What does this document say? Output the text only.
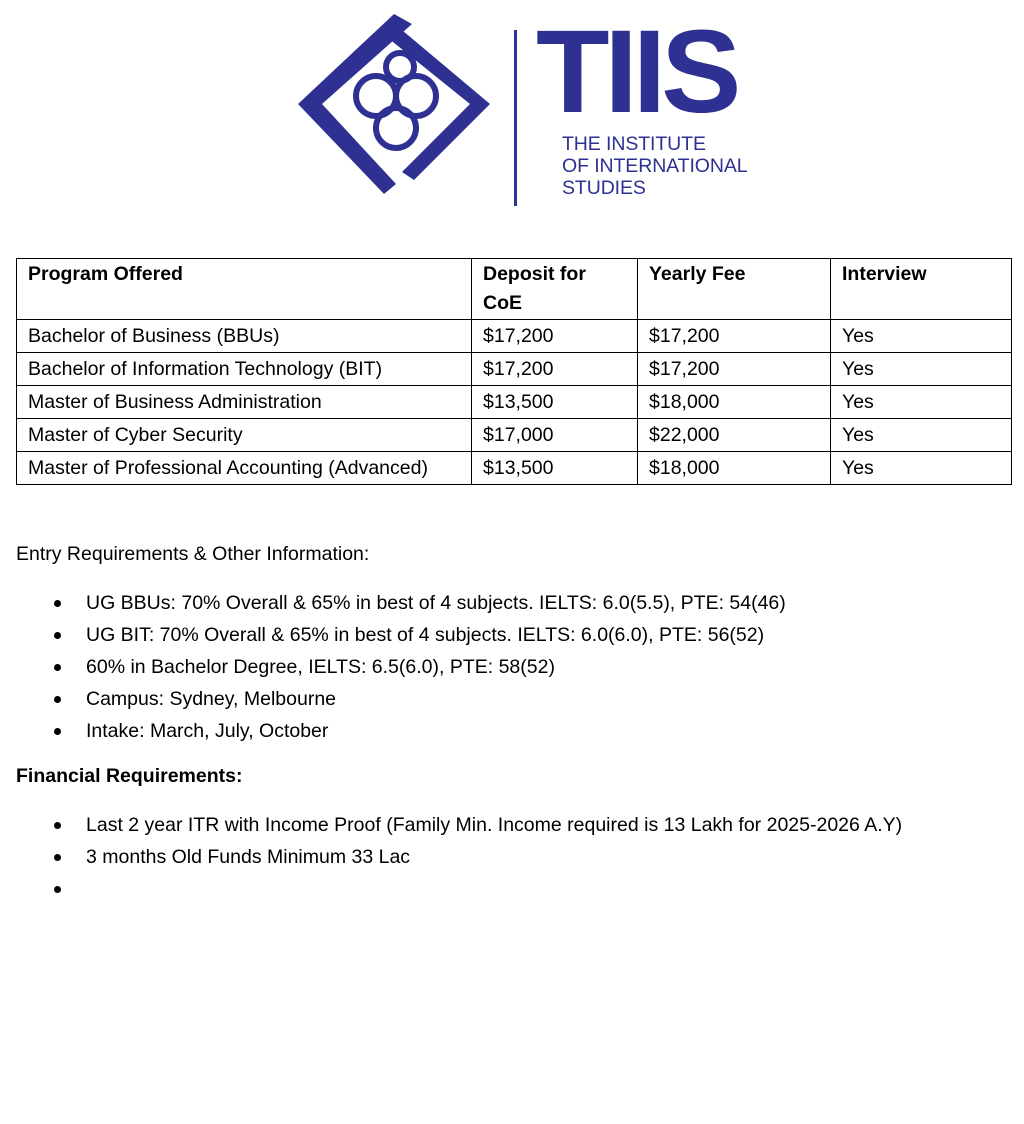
TIIS
THE INSTITUTE
OF INTERNATIONAL
STUDIES
Program Offered	Deposit for CoE	Yearly Fee	Interview
Bachelor of Business (BBUs)	$17,200	$17,200	Yes
Bachelor of Information Technology (BIT)	$17,200	$17,200	Yes
Master of Business Administration	$13,500	$18,000	Yes
Master of Cyber Security	$17,000	$22,000	Yes
Master of Professional Accounting (Advanced)	$13,500	$18,000	Yes

Entry Requirements & Other Information:

UG BBUs: 70% Overall & 65% in best of 4 subjects. IELTS: 6.0(5.5), PTE: 54(46)
UG BIT: 70% Overall & 65% in best of 4 subjects. IELTS: 6.0(6.0), PTE: 56(52)
60% in Bachelor Degree, IELTS: 6.5(6.0), PTE: 58(52)
Campus: Sydney, Melbourne
Intake: March, July, October

Financial Requirements:

Last 2 year ITR with Income Proof (Family Min. Income required is 13 Lakh for 2025-2026 A.Y)
3 months Old Funds Minimum 33 Lac
